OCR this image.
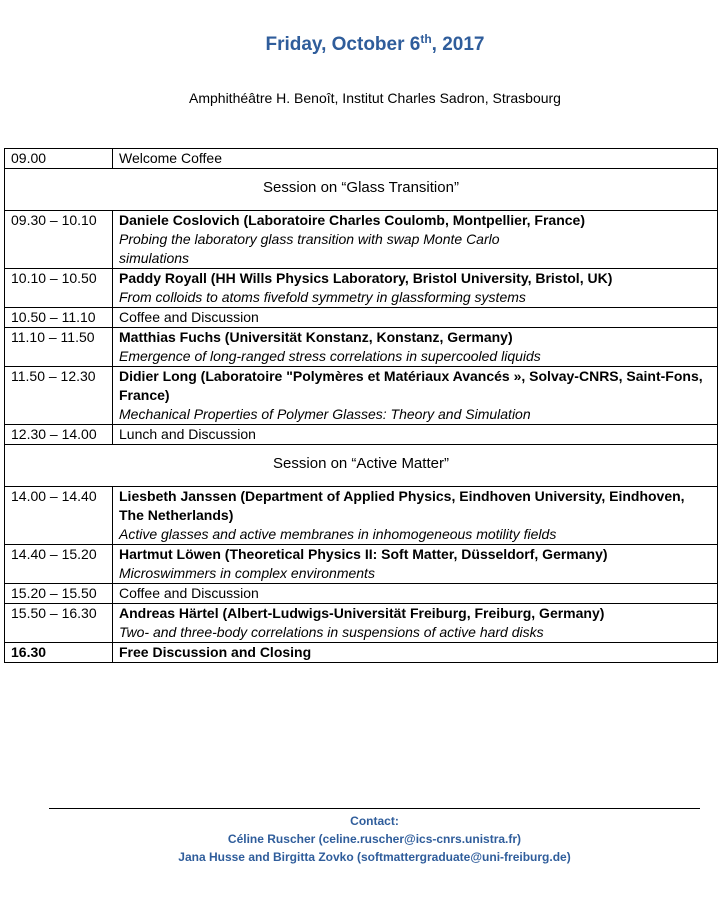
Friday, October 6th, 2017
Amphithéâtre H. Benoît, Institut Charles Sadron, Strasbourg
09.00	Welcome Coffee
Session on “Glass Transition”	
09.30 – 10.10	Daniele Coslovich (Laboratoire Charles Coulomb, Montpellier, France)
Probing the laboratory glass transition with swap Monte Carlo simulations

10.10 – 10.50	Paddy Royall (HH Wills Physics Laboratory, Bristol University, Bristol, UK)
From colloids to atoms fivefold symmetry in glassforming systems

10.50 – 11.10	Coffee and Discussion
11.10 – 11.50	Matthias Fuchs (Universität Konstanz, Konstanz, Germany)
Emergence of long-ranged stress correlations in supercooled liquids

11.50 – 12.30	Didier Long (Laboratoire "Polymères et Matériaux Avancés », Solvay-CNRS, Saint-Fons, France)
Mechanical Properties of Polymer Glasses: Theory and Simulation

12.30 – 14.00	Lunch and Discussion
Session on “Active Matter”	
14.00 – 14.40	Liesbeth Janssen (Department of Applied Physics, Eindhoven University, Eindhoven, The Netherlands)
Active glasses and active membranes in inhomogeneous motility fields

14.40 – 15.20	Hartmut Löwen (Theoretical Physics II: Soft Matter, Düsseldorf, Germany)
Microswimmers in complex environments

15.20 – 15.50	Coffee and Discussion
15.50 – 16.30	Andreas Härtel (Albert-Ludwigs-Universität Freiburg, Freiburg, Germany)
Two- and three-body correlations in suspensions of active hard disks

16.30	Free Discussion and Closing
Contact:
Céline Ruscher (celine.ruscher@ics-cnrs.unistra.fr)
Jana Husse and Birgitta Zovko (softmattergraduate@uni-freiburg.de)
